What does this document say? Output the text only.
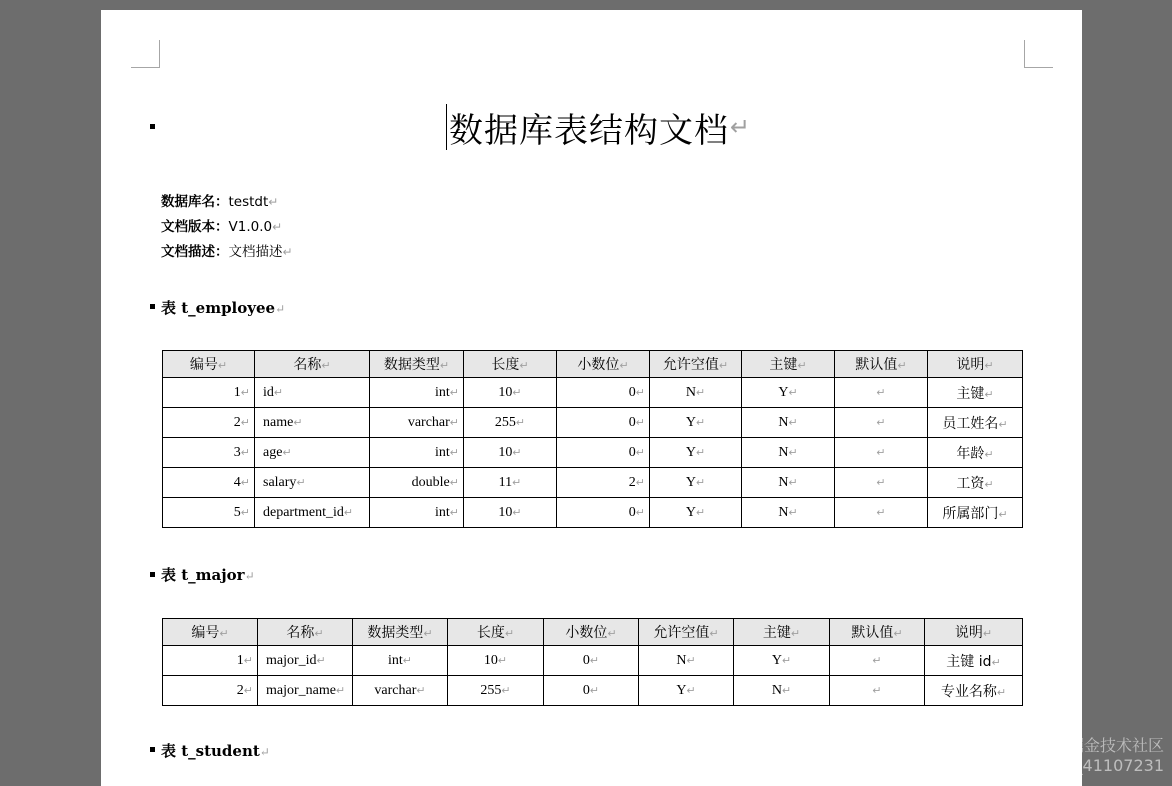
数据库表结构文档 ↵
数据库名：testdt↵
文档版本：V1.0.0↵
文档描述：文档描述↵
表 t_employee↵
编号↵	名称↵	数据类型↵	长度↵	小数位↵	允许空值↵	主键↵	默认值↵	说明↵
1↵	id↵	int↵	10↵	0↵	N↵	Y↵	↵	主键↵
2↵	name↵	varchar↵	255↵	0↵	Y↵	N↵	↵	员工姓名↵
3↵	age↵	int↵	10↵	0↵	Y↵	N↵	↵	年龄↵
4↵	salary↵	double↵	11↵	2↵	Y↵	N↵	↵	工资↵
5↵	department_id↵	int↵	10↵	0↵	Y↵	N↵	↵	所属部门↵
表 t_major↵
编号↵	名称↵	数据类型↵	长度↵	小数位↵	允许空值↵	主键↵	默认值↵	说明↵
1↵	major_id↵	int↵	10↵	0↵	N↵	Y↵	↵	主键 id↵
2↵	major_name↵	varchar↵	255↵	0↵	Y↵	N↵	↵	专业名称↵
表 t_student↵	@稀土掘金技术社区
https://blog.csdn.net/qq_41107231
